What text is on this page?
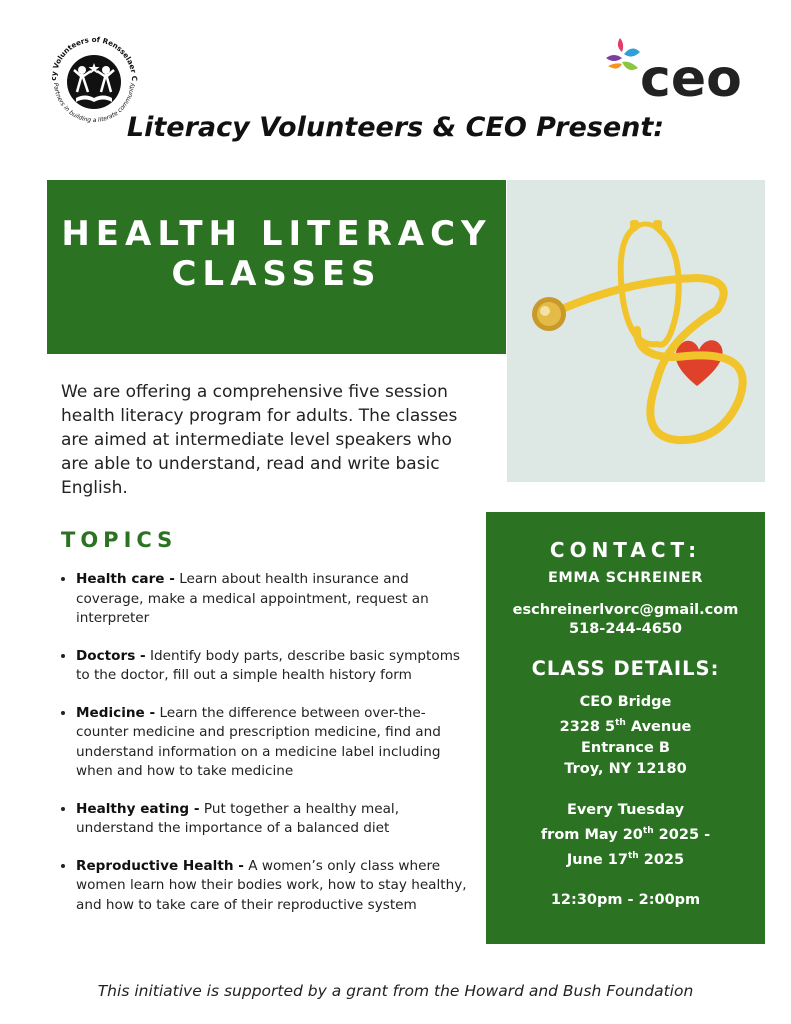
cy Volunteers of Rensselaer C
Partners in building a literate community	ceo
Literacy Volunteers & CEO Present:
HEALTH LITERACY
CLASSES
We are offering a comprehensive five session health literacy program for adults. The classes are aimed at intermediate level speakers who are able to understand, read and write basic English.
TOPICS
• Health care - Learn about health insurance and coverage, make a medical appointment, request an interpreter
• Doctors - Identify body parts, describe basic symptoms to the doctor, fill out a simple health history form
• Medicine - Learn the difference between over-the-counter medicine and prescription medicine, find and understand information on a medicine label including when and how to take medicine
• Healthy eating - Put together a healthy meal, understand the importance of a balanced diet
• Reproductive Health - A women’s only class where women learn how their bodies work, how to stay healthy, and how to take care of their reproductive system
CONTACT:
EMMA SCHREINER
eschreinerlvorc@gmail.com
518-244-4650
CLASS DETAILS:
CEO Bridge
2328 5th Avenue
Entrance B
Troy, NY 12180
Every Tuesday
from May 20th 2025 -
June 17th 2025
12:30pm - 2:00pm
This initiative is supported by a grant from the Howard and Bush Foundation
